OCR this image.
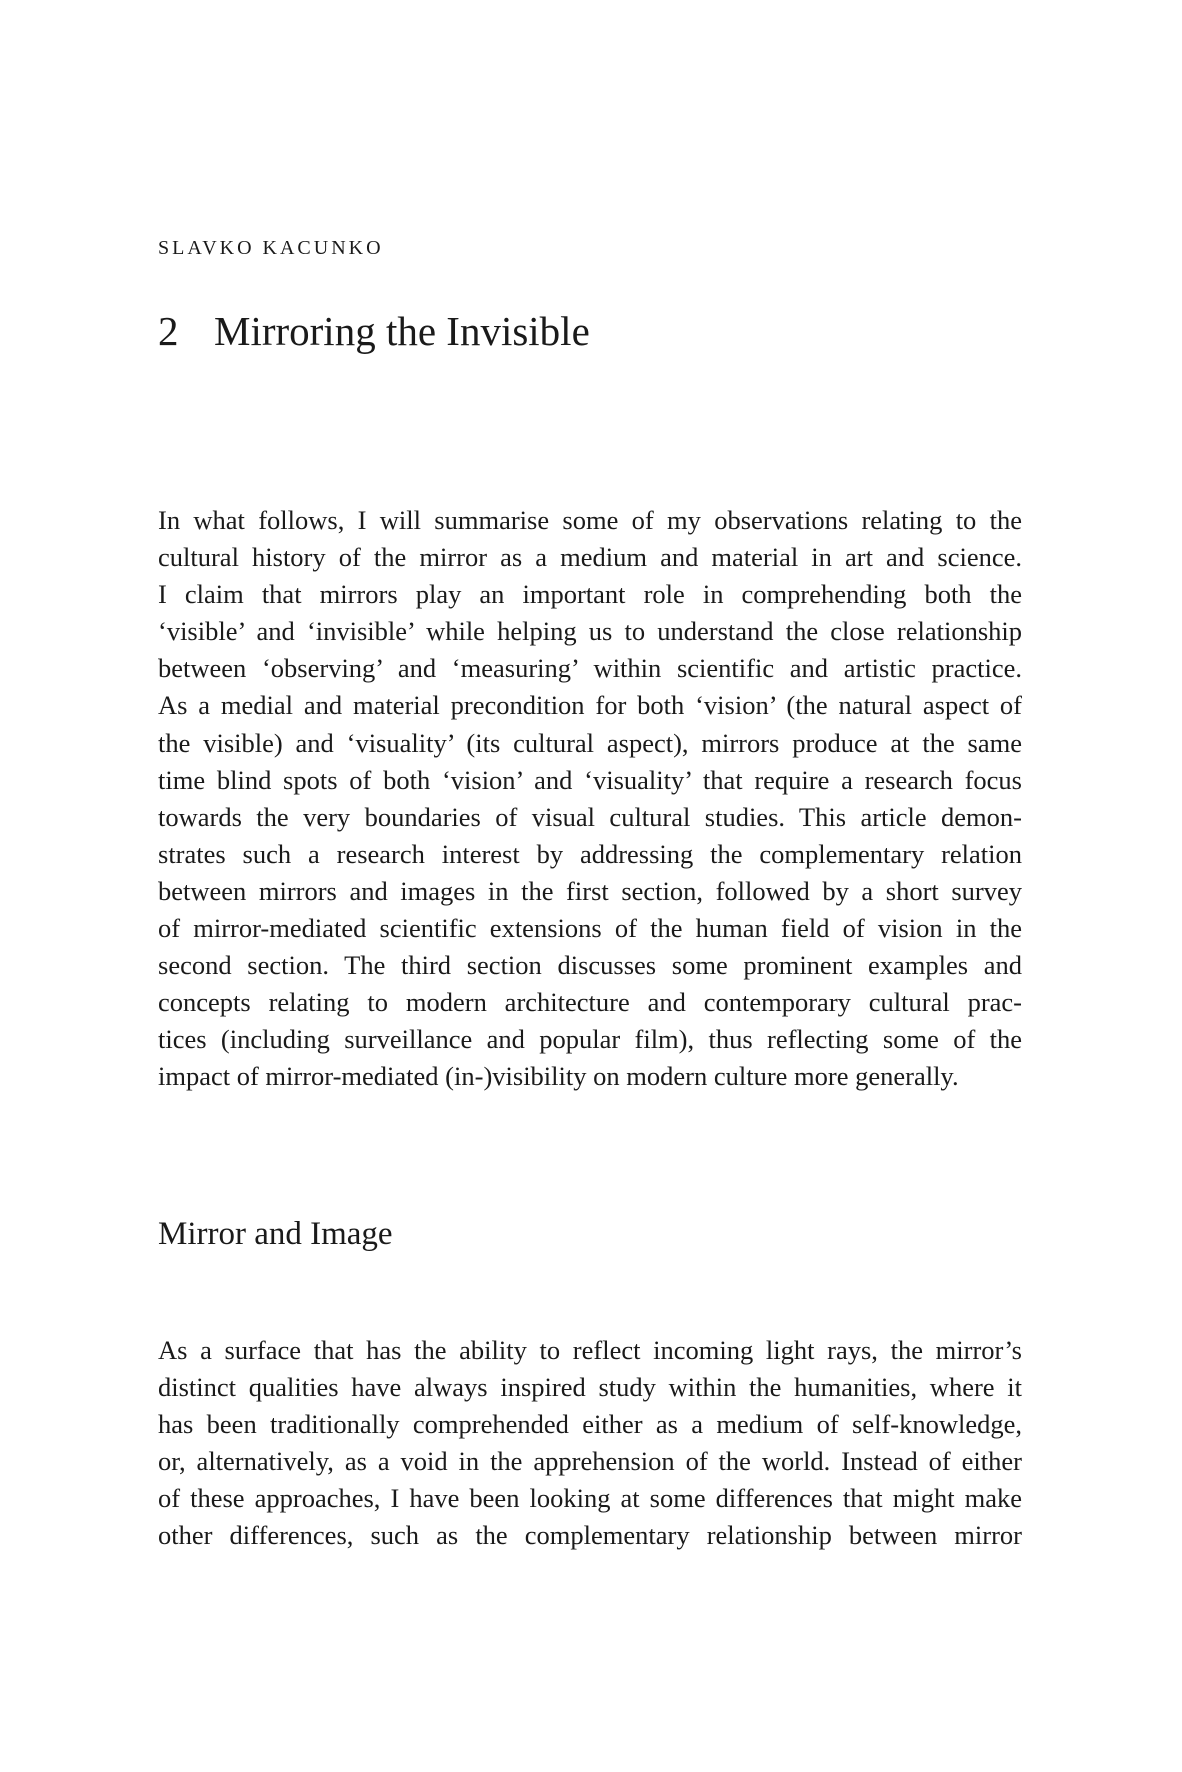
SLAVKO KACUNKO
2 Mirroring the Invisible
In what follows, I will summarise some of my observations relating to the
cultural history of the mirror as a medium and material in art and science.
I claim that mirrors play an important role in comprehending both the
‘visible’ and ‘invisible’ while helping us to understand the close relationship
between ‘observing’ and ‘measuring’ within scientific and artistic practice.
As a medial and material precondition for both ‘vision’ (the natural aspect of
the visible) and ‘visuality’ (its cultural aspect), mirrors produce at the same
time blind spots of both ‘vision’ and ‘visuality’ that require a research focus
towards the very boundaries of visual cultural studies. This article demon-
strates such a research interest by addressing the complementary relation
between mirrors and images in the first section, followed by a short survey
of mirror-mediated scientific extensions of the human field of vision in the
second section. The third section discusses some prominent examples and
concepts relating to modern architecture and contemporary cultural prac-
tices (including surveillance and popular film), thus reflecting some of the
impact of mirror-mediated (in-)visibility on modern culture more generally.
Mirror and Image
As a surface that has the ability to reflect incoming light rays, the mirror’s
distinct qualities have always inspired study within the humanities, where it
has been traditionally comprehended either as a medium of self-knowledge,
or, alternatively, as a void in the apprehension of the world. Instead of either
of these approaches, I have been looking at some differences that might make
other differences, such as the complementary relationship between mirror
